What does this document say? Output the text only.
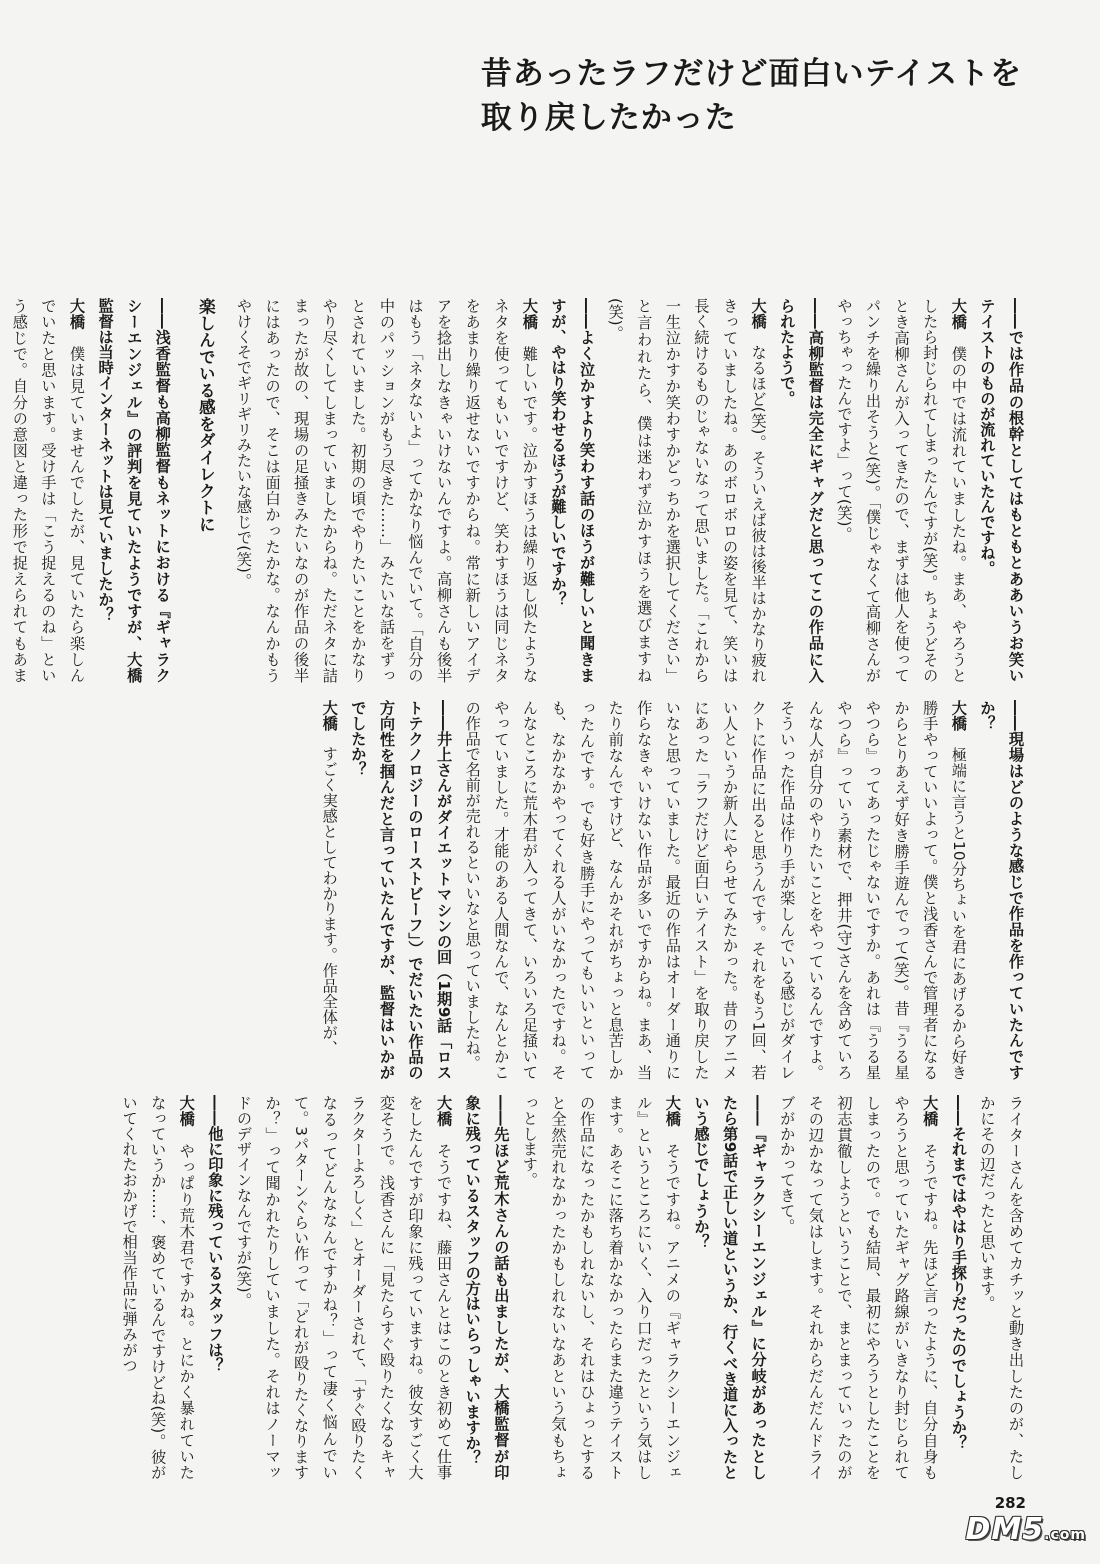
昔あったラフだけど面白いテイストを
取り戻したかった

――では作品の根幹としてはもともとああいうお笑いテイストのものが流れていたんですね。

大橋　僕の中では流れていましたね。まあ、やろうとしたら封じられてしまったんですが(笑)。ちょうどそのとき高柳さんが入ってきたので、まずは他人を使ってパンチを繰り出そうと(笑)。「僕じゃなくて高柳さんがやっちゃったんですよ」って(笑)。

――高柳監督は完全にギャグだと思ってこの作品に入られたようで。

大橋　なるほど(笑)。そういえば彼は後半はかなり疲れきっていましたね。あのボロボロの姿を見て、笑いは長く続けるものじゃないなって思いました。「これから一生泣かすか笑わすかどっちかを選択してください」と言われたら、僕は迷わず泣かすほうを選びますね(笑)。

――よく泣かすより笑わす話のほうが難しいと聞きますが、やはり笑わせるほうが難しいですか？

大橋　難しいです。泣かすほうは繰り返し似たようなネタを使ってもいいですけど、笑わすほうは同じネタをあまり繰り返せないですからね。常に新しいアイデアを捻出しなきゃいけないんですよ。高柳さんも後半はもう「ネタないよ」ってかなり悩んでいて。「自分の中のパッションがもう尽きた……」みたいな話をずっとされていました。初期の頃でやりたいことをかなりやり尽くしてしまっていましたからね。ただネタに詰まったが故の、現場の足掻きみたいなのが作品の後半にはあったので、そこは面白かったかな。なんかもうやけくそでギリギリみたいな感じで(笑)。

楽しんでいる感をダイレクトに

――浅香監督も高柳監督もネットにおける『ギャラクシーエンジェル』の評判を見ていたようですが、大橋監督は当時インターネットは見ていましたか？

大橋　僕は見ていませんでしたが、見ていたら楽しんでいたと思います。受け手は「こう捉えるのね」という感じで。自分の意図と違った形で捉えられてもあま

――現場はどのような感じで作品を作っていたんですか？

大橋　極端に言うと10分ちょいを君にあげるから好き勝手やっていいよって。僕と浅香さんで管理者になるからとりあえず好き勝手遊んでって(笑)。昔『うる星やつら』ってあったじゃないですか。あれは『うる星やつら』っていう素材で、押井(守)さんを含めていろんな人が自分のやりたいことをやっているんですよ。そういった作品は作り手が楽しんでいる感じがダイレクトに作品に出ると思うんです。それをもう1回、若い人というか新人にやらせてみたかった。昔のアニメにあった「ラフだけど面白いテイスト」を取り戻したいなと思っていました。最近の作品はオーダー通りに作らなきゃいけない作品が多いですからね。まあ、当たり前なんですけど、なんかそれがちょっと息苦しかったんです。でも好き勝手にやってもいいといっても、なかなかやってくれる人がいなかったですね。そんなところに荒木君が入ってきて、いろいろ足掻いてやっていました。才能のある人間なんで、なんとかこの作品で名前が売れるといいなと思っていましたね。

――井上さんがダイエットマシンの回（1期9話「ロストテクノロジーのローストビーフ」）でだいたい作品の方向性を掴んだと言っていたんですが、監督はいかがでしたか？

大橋　すごく実感としてわかります。作品全体が、

ライターさんを含めてカチッと動き出したのが、たしかにその辺だったと思います。

――それまではやはり手探りだったのでしょうか？

大橋　そうですね。先ほど言ったように、自分自身もやろうと思っていたギャグ路線がいきなり封じられてしまったので。でも結局、最初にやろうとしたことを初志貫徹しようということで、まとまっていったのがその辺かなって気はします。それからだんだんドライブがかかってきて。

――『ギャラクシーエンジェル』に分岐があったとしたら第9話で正しい道というか、行くべき道に入ったという感じでしょうか？

大橋　そうですね。アニメの『ギャラクシーエンジェル』というところにいく、入り口だったという気はします。あそこに落ち着かなかったらまた違うテイストの作品になったかもしれないし、それはひょっとすると全然売れなかったかもしれないなあという気もちょっとします。

――先ほど荒木さんの話も出ましたが、大橋監督が印象に残っているスタッフの方はいらっしゃいますか？

大橋　そうですね、藤田さんとはこのとき初めて仕事をしたんですが印象に残っていますね。彼女すごく大変そうで。浅香さんに「見たらすぐ殴りたくなるキャラクターよろしく」とオーダーされて、「すぐ殴りたくなるってどんななんですかね？」って凄く悩んでいて。3パターンぐらい作って「どれが殴りたくなりますか？」って聞かれたりしていました。それはノーマッドのデザインなんですが(笑)。

――他に印象に残っているスタッフは？

大橋　やっぱり荒木君ですかね。とにかく暴れていたなっていうか……、褒めているんですけどね(笑)。彼がいてくれたおかげで相当作品に弾みがつ

282
DM5.com
